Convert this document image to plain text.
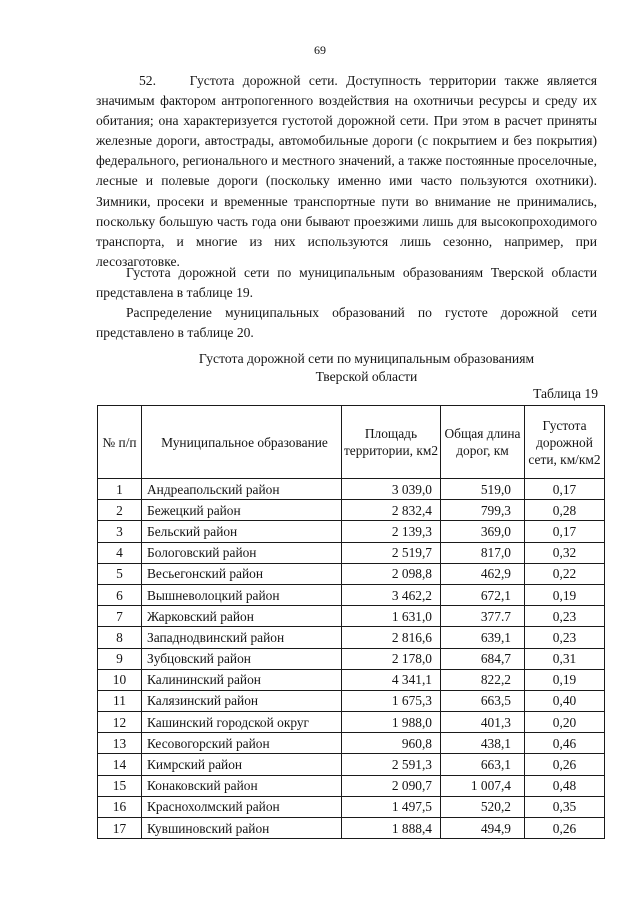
69

52.    Густота дорожной сети. Доступность территории также является значимым фактором антропогенного воздействия на охотничьи ресурсы и среду их обитания; она характеризуется густотой дорожной сети. При этом в расчет приняты железные дороги, автострады, автомобильные дороги (с покрытием и без покрытия) федерального, регионального и местного значений, а также постоянные проселочные, лесные и полевые дороги (поскольку именно ими часто пользуются охотники). Зимники, просеки и временные транспортные пути во внимание не принимались, поскольку большую часть года они бывают проезжими лишь для высокопроходимого транспорта, и многие из них используются лишь сезонно, например, при лесозаготовке.

Густота дорожной сети по муниципальным образованиям Тверской области представлена в таблице 19.

Распределение муниципальных образований по густоте дорожной сети представлено в таблице 20.

Густота дорожной сети по муниципальным образованиям
Тверской области
Таблица 19
№ п/п	Муниципальное образование	Площадь территории, км2	Общая длина дорог, км	Густота дорожной сети, км/км2
1	Андреапольский район	3 039,0	519,0	0,17
2	Бежецкий район	2 832,4	799,3	0,28
3	Бельский район	2 139,3	369,0	0,17
4	Бологовский район	2 519,7	817,0	0,32
5	Весьегонский район	2 098,8	462,9	0,22
6	Вышневолоцкий район	3 462,2	672,1	0,19
7	Жарковский район	1 631,0	377.7	0,23
8	Западнодвинский район	2 816,6	639,1	0,23
9	Зубцовский район	2 178,0	684,7	0,31
10	Калининский район	4 341,1	822,2	0,19
11	Калязинский район	1 675,3	663,5	0,40
12	Кашинский городской округ	1 988,0	401,3	0,20
13	Кесовогорский район	960,8	438,1	0,46
14	Кимрский район	2 591,3	663,1	0,26
15	Конаковский район	2 090,7	1 007,4	0,48
16	Краснохолмский район	1 497,5	520,2	0,35
17	Кувшиновский район	1 888,4	494,9	0,26
